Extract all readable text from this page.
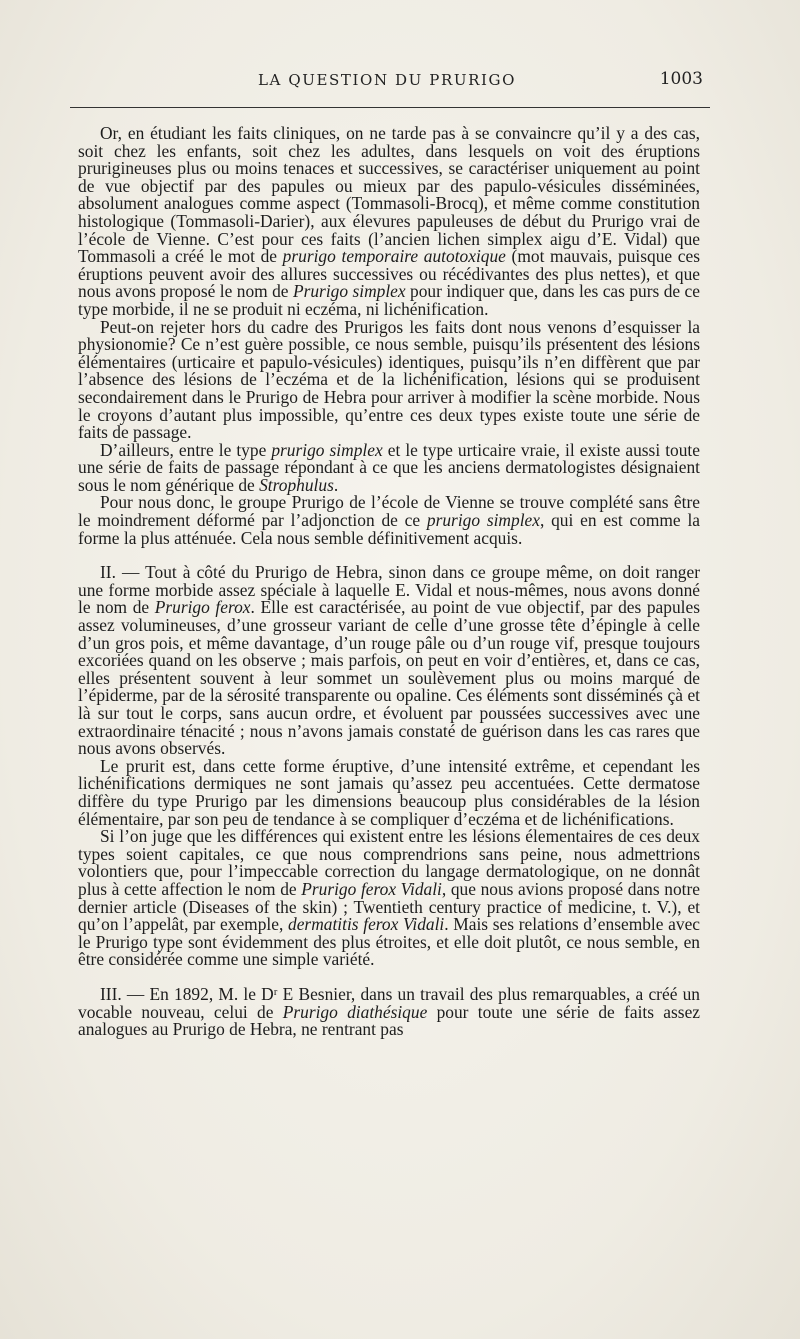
LA QUESTION DU PRURIGO	1003

Or, en étudiant les faits cliniques, on ne tarde pas à se convaincre qu’il y a des cas, soit chez les enfants, soit chez les adultes, dans lesquels on voit des éruptions prurigineuses plus ou moins tenaces et successives, se caractériser uniquement au point de vue objectif par des papules ou mieux par des papulo-vésicules disséminées, absolument analogues comme aspect (Tommasoli-Brocq), et même comme constitution histologique (Tommasoli-Darier), aux élevures papuleuses de début du Prurigo vrai de l’école de Vienne. C’est pour ces faits (l’ancien lichen simplex aigu d’E. Vidal) que Tommasoli a créé le mot de prurigo temporaire autotoxique (mot mauvais, puisque ces éruptions peuvent avoir des allures successives ou récédivantes des plus nettes), et que nous avons proposé le nom de Prurigo simplex pour indiquer que, dans les cas purs de ce type morbide, il ne se produit ni eczéma, ni lichénification.

Peut-on rejeter hors du cadre des Prurigos les faits dont nous venons d’esquisser la physionomie? Ce n’est guère possible, ce nous semble, puisqu’ils présentent des lésions élémentaires (urticaire et papulo-vésicules) identiques, puisqu’ils n’en diffèrent que par l’absence des lésions de l’eczéma et de la lichénification, lésions qui se produisent secondairement dans le Prurigo de Hebra pour arriver à modifier la scène morbide. Nous le croyons d’autant plus impossible, qu’entre ces deux types existe toute une série de faits de passage.

D’ailleurs, entre le type prurigo simplex et le type urticaire vraie, il existe aussi toute une série de faits de passage répondant à ce que les anciens dermatologistes désignaient sous le nom générique de Strophulus.

Pour nous donc, le groupe Prurigo de l’école de Vienne se trouve complété sans être le moindrement déformé par l’adjonction de ce prurigo simplex, qui en est comme la forme la plus atténuée. Cela nous semble définitivement acquis.

II. — Tout à côté du Prurigo de Hebra, sinon dans ce groupe même, on doit ranger une forme morbide assez spéciale à laquelle E. Vidal et nous-mêmes, nous avons donné le nom de Prurigo ferox. Elle est caractérisée, au point de vue objectif, par des papules assez volumineuses, d’une grosseur variant de celle d’une grosse tête d’épingle à celle d’un gros pois, et même davantage, d’un rouge pâle ou d’un rouge vif, presque toujours excoriées quand on les observe ; mais parfois, on peut en voir d’entières, et, dans ce cas, elles présentent souvent à leur sommet un soulèvement plus ou moins marqué de l’épiderme, par de la sérosité transparente ou opaline. Ces éléments sont disséminés çà et là sur tout le corps, sans aucun ordre, et évoluent par poussées successives avec une extraordinaire ténacité ; nous n’avons jamais constaté de guérison dans les cas rares que nous avons observés.

Le prurit est, dans cette forme éruptive, d’une intensité extrême, et cependant les lichénifications dermiques ne sont jamais qu’assez peu accentuées. Cette dermatose diffère du type Prurigo par les dimensions beaucoup plus considérables de la lésion élémentaire, par son peu de tendance à se compliquer d’eczéma et de lichénifications.

Si l’on juge que les différences qui existent entre les lésions élementaires de ces deux types soient capitales, ce que nous comprendrions sans peine, nous admettrions volontiers que, pour l’impeccable correction du langage dermatologique, on ne donnât plus à cette affection le nom de Prurigo ferox Vidali, que nous avions proposé dans notre dernier article (Diseases of the skin) ; Twentieth century practice of medicine, t. V.), et qu’on l’appelât, par exemple, dermatitis ferox Vidali. Mais ses relations d’ensemble avec le Prurigo type sont évidemment des plus étroites, et elle doit plutôt, ce nous semble, en être considérée comme une simple variété.

III. — En 1892, M. le Dʳ E Besnier, dans un travail des plus remarquables, a créé un vocable nouveau, celui de Prurigo diathésique pour toute une série de faits assez analogues au Prurigo de Hebra, ne rentrant pas
